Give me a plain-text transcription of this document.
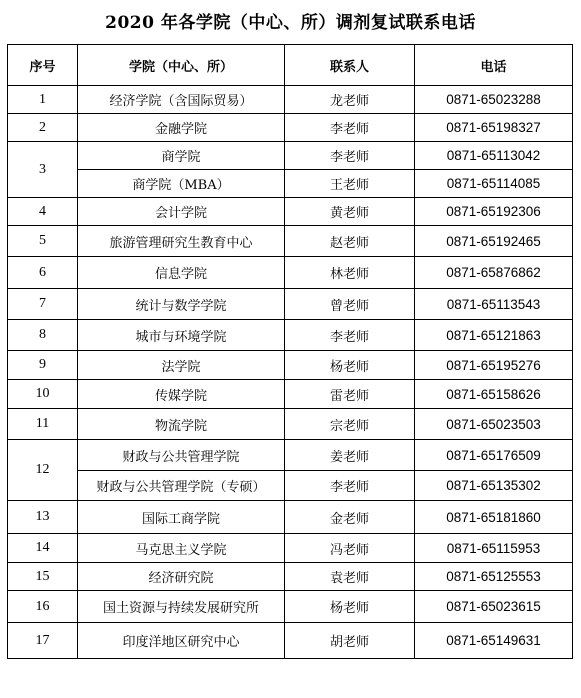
2020 年各学院（中心、所）调剂复试联系电话
序号	学院（中心、所）	联系人	电话
1	经济学院（含国际贸易）	龙老师	0871-65023288
2	金融学院	李老师	0871-65198327
3	商学院	李老师	0871-65113042
	商学院（MBA）	王老师	0871-65114085
4	会计学院	黄老师	0871-65192306
5	旅游管理研究生教育中心	赵老师	0871-65192465
6	信息学院	林老师	0871-65876862
7	统计与数学学院	曾老师	0871-65113543
8	城市与环境学院	李老师	0871-65121863
9	法学院	杨老师	0871-65195276
10	传媒学院	雷老师	0871-65158626
11	物流学院	宗老师	0871-65023503
12	财政与公共管理学院	姜老师	0871-65176509
	财政与公共管理学院（专硕）	李老师	0871-65135302
13	国际工商学院	金老师	0871-65181860
14	马克思主义学院	冯老师	0871-65115953
15	经济研究院	袁老师	0871-65125553
16	国土资源与持续发展研究所	杨老师	0871-65023615
17	印度洋地区研究中心	胡老师	0871-65149631
